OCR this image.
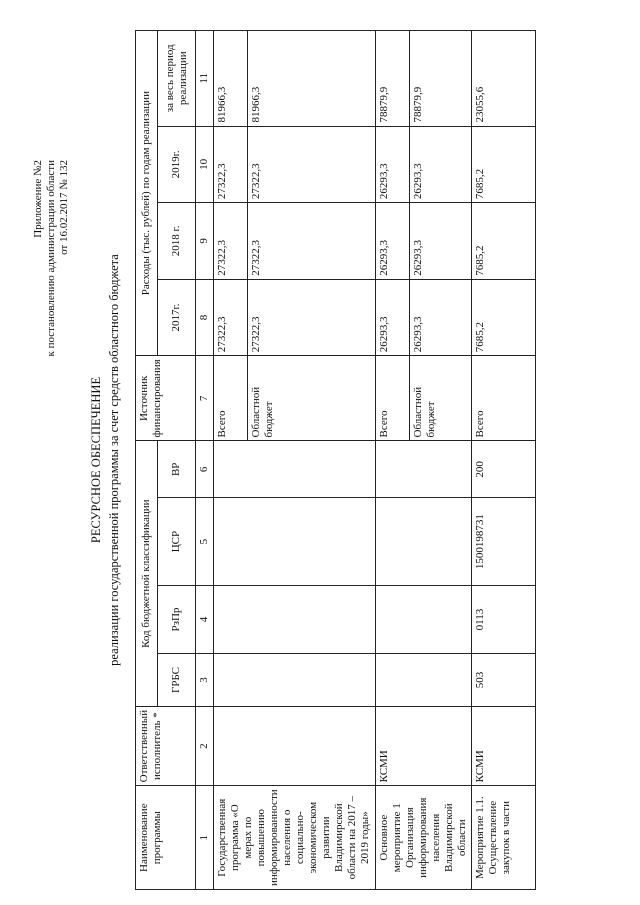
Приложение №2 к постановлению администрации области от 16.02.2017 № 132
РЕСУРСНОЕ ОБЕСПЕЧЕНИЕ реализации государственной программы за счет средств областного бюджета
Наименование программы	Ответственный исполнитель *	Код бюджетной классификации				Источник финансирования	Расходы (тыс. рублей) по годам реализации			
		ГРБС	РзПр	ЦСР	ВР		2017г.	2018 г.	2019г.	за весь период реализации
1	2	3	4	5	6	7	8	9	10	11
Государственная программа «О мерах по повышению информированности населения о социально-экономическом развитии Владимирской области на 2017 – 2019 годы»						Всего	27322,3	27322,3	27322,3	81966,3
						Областной бюджет	27322,3	27322,3	27322,3	81966,3
Основное мероприятие 1 Организация информирования населения Владимирской области	КСМИ					Всего	26293,3	26293,3	26293,3	78879,9
						Областной бюджет	26293,3	26293,3	26293,3	78879,9
Мероприятие 1.1. Осуществление закупок в части	КСМИ	503	0113	1500198731	200	Всего	7685,2	7685,2	7685,2	23055,6
